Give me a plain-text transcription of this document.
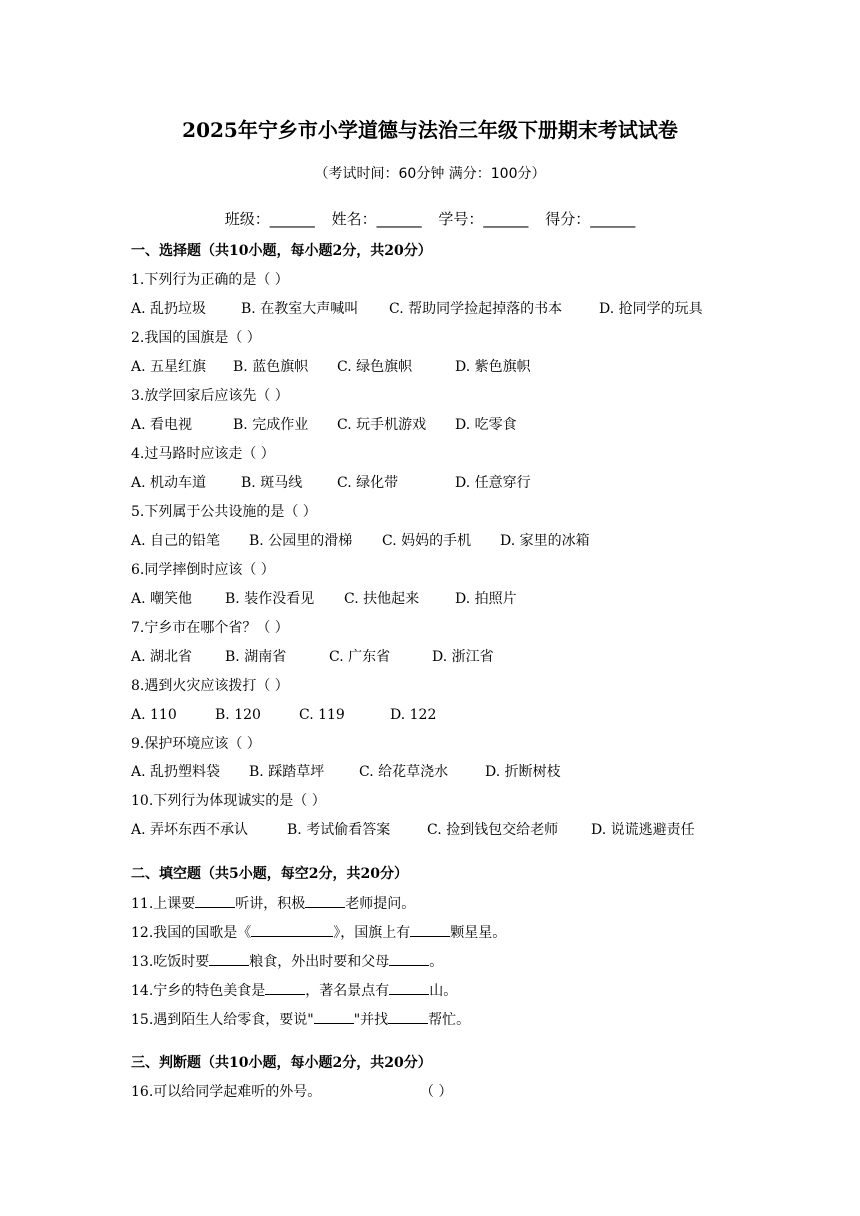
2025年宁乡市小学道德与法治三年级下册期末考试试卷
（考试时间：60分钟 满分：100分）
班级：______ 姓名：______ 学号：______ 得分：______
一、选择题（共10小题，每小题2分，共20分）
1.下列行为正确的是（ ）
A. 乱扔垃圾 B. 在教室大声喊叫 C. 帮助同学捡起掉落的书本	D. 抢同学的玩具
2.我国的国旗是（ ）
A. 五星红旗 B. 蓝色旗帜 C. 绿色旗帜	D. 紫色旗帜
3.放学回家后应该先（ ）
A. 看电视	B. 完成作业 C. 玩手机游戏 D. 吃零食
4.过马路时应该走（ ）
A. 机动车道 B. 斑马线 C. 绿化带	D. 任意穿行
5.下列属于公共设施的是（ ）
A. 自己的铅笔 B. 公园里的滑梯 C. 妈妈的手机 D. 家里的冰箱
6.同学摔倒时应该（ ）
A. 嘲笑他 B. 装作没看见 C. 扶他起来	D. 拍照片
7.宁乡市在哪个省？（ ）
A. 湖北省 B. 湖南省	C. 广东省	D. 浙江省
8.遇到火灾应该拨打（ ）
A. 110	B. 120	C. 119	D. 122
9.保护环境应该（ ）
A. 乱扔塑料袋 B. 踩踏草坪 C. 给花草浇水	D. 折断树枝
10.下列行为体现诚实的是（ ）
A. 弄坏东西不承认	B. 考试偷看答案	C. 捡到钱包交给老师 D. 说谎逃避责任
二、填空题（共5小题，每空2分，共20分）
11.上课要	听讲，积极	老师提问。
12.我国的国歌是《	》，国旗上有	颗星星。
13.吃饭时要	粮食，外出时要和父母	。
14.宁乡的特色美食是	，著名景点有	山。
15.遇到陌生人给零食，要说"	"并找	帮忙。
三、判断题（共10小题，每小题2分，共20分）
16.可以给同学起难听的外号。	（ ）
